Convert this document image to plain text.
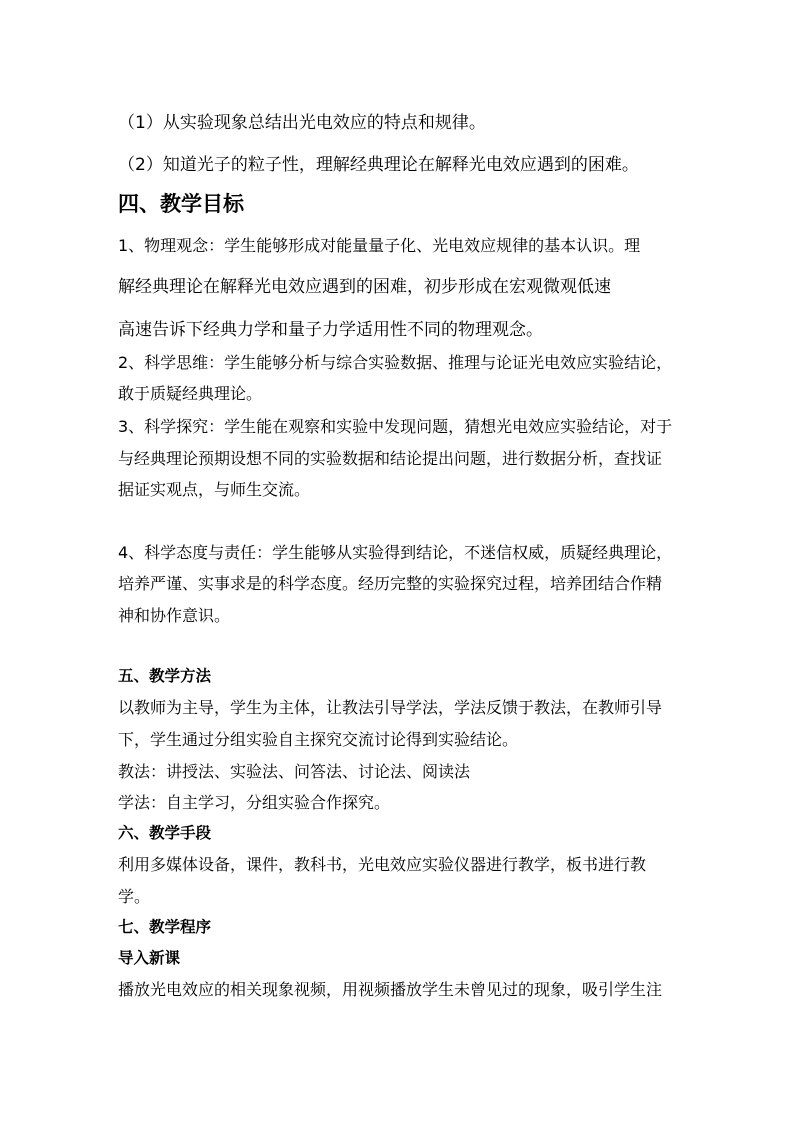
（1）从实验现象总结出光电效应的特点和规律。
（2）知道光子的粒子性，理解经典理论在解释光电效应遇到的困难。
四、教学目标
1、物理观念：学生能够形成对能量量子化、光电效应规律的基本认识。理
解经典理论在解释光电效应遇到的困难，初步形成在宏观微观低速
高速告诉下经典力学和量子力学适用性不同的物理观念。
2、科学思维：学生能够分析与综合实验数据、推理与论证光电效应实验结论，
敢于质疑经典理论。
3、科学探究：学生能在观察和实验中发现问题，猜想光电效应实验结论，对于
与经典理论预期设想不同的实验数据和结论提出问题，进行数据分析，查找证
据证实观点，与师生交流。
4、科学态度与责任：学生能够从实验得到结论，不迷信权威，质疑经典理论，
培养严谨、实事求是的科学态度。经历完整的实验探究过程，培养团结合作精
神和协作意识。
五、教学方法
以教师为主导，学生为主体，让教法引导学法，学法反馈于教法，在教师引导
下，学生通过分组实验自主探究交流讨论得到实验结论。
教法：讲授法、实验法、问答法、讨论法、阅读法
学法：自主学习，分组实验合作探究。
六、教学手段
利用多媒体设备，课件，教科书，光电效应实验仪器进行教学，板书进行教
学。
七、教学程序
导入新课
播放光电效应的相关现象视频，用视频播放学生未曾见过的现象，吸引学生注
